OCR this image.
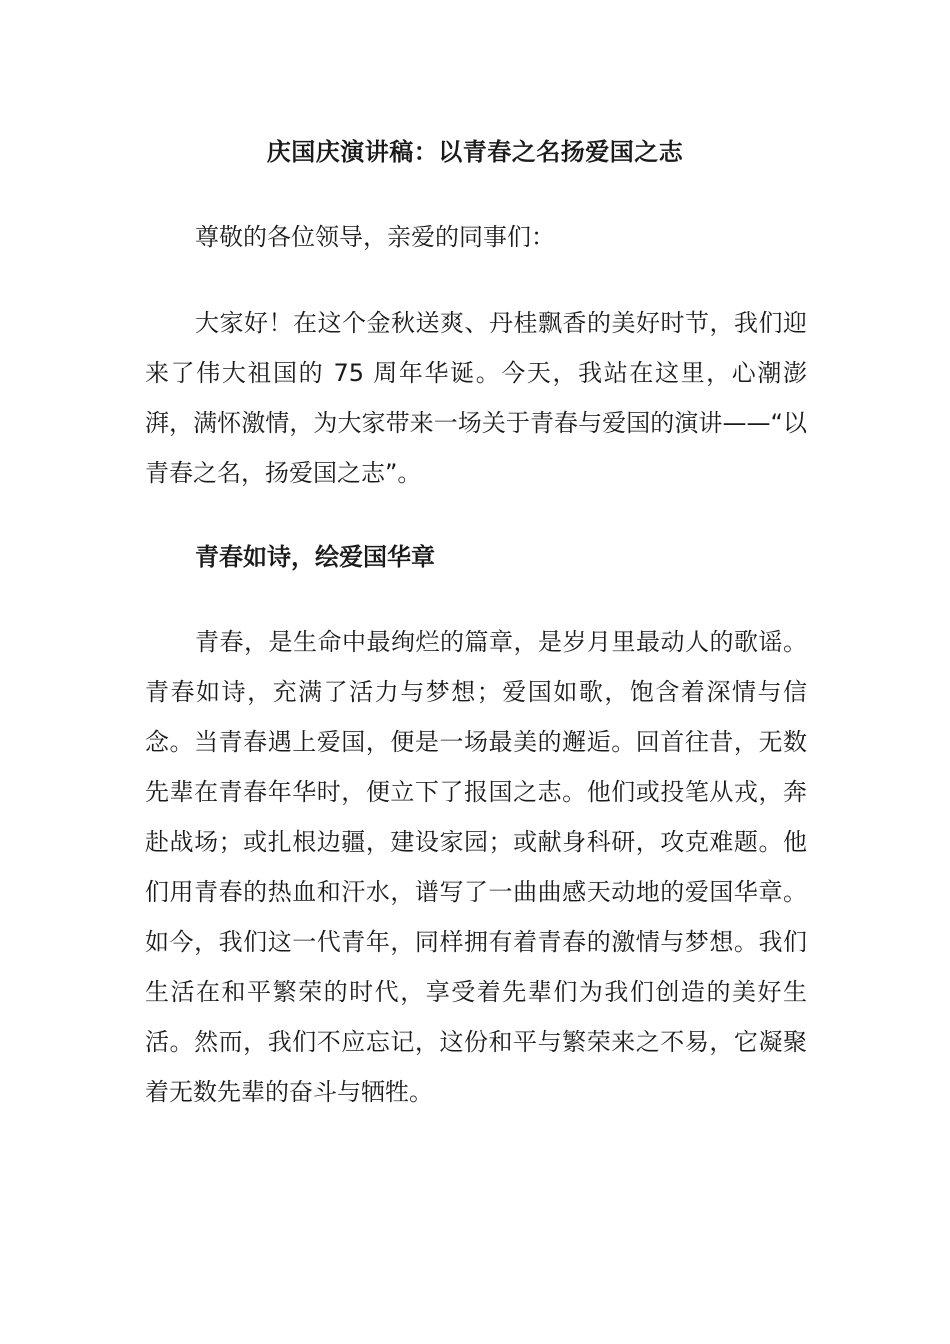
庆国庆演讲稿：以青春之名扬爱国之志

尊敬的各位领导，亲爱的同事们：

大家好！在这个金秋送爽、丹桂飘香的美好时节，我们迎来了伟大祖国的 75 周年华诞。今天，我站在这里，心潮澎湃，满怀激情，为大家带来一场关于青春与爱国的演讲——“以青春之名，扬爱国之志”。

青春如诗，绘爱国华章

青春，是生命中最绚烂的篇章，是岁月里最动人的歌谣。青春如诗，充满了活力与梦想；爱国如歌，饱含着深情与信念。当青春遇上爱国，便是一场最美的邂逅。回首往昔，无数先辈在青春年华时，便立下了报国之志。他们或投笔从戎，奔赴战场；或扎根边疆，建设家园；或献身科研，攻克难题。他们用青春的热血和汗水，谱写了一曲曲感天动地的爱国华章。如今，我们这一代青年，同样拥有着青春的激情与梦想。我们生活在和平繁荣的时代，享受着先辈们为我们创造的美好生活。然而，我们不应忘记，这份和平与繁荣来之不易，它凝聚着无数先辈的奋斗与牺牲。
